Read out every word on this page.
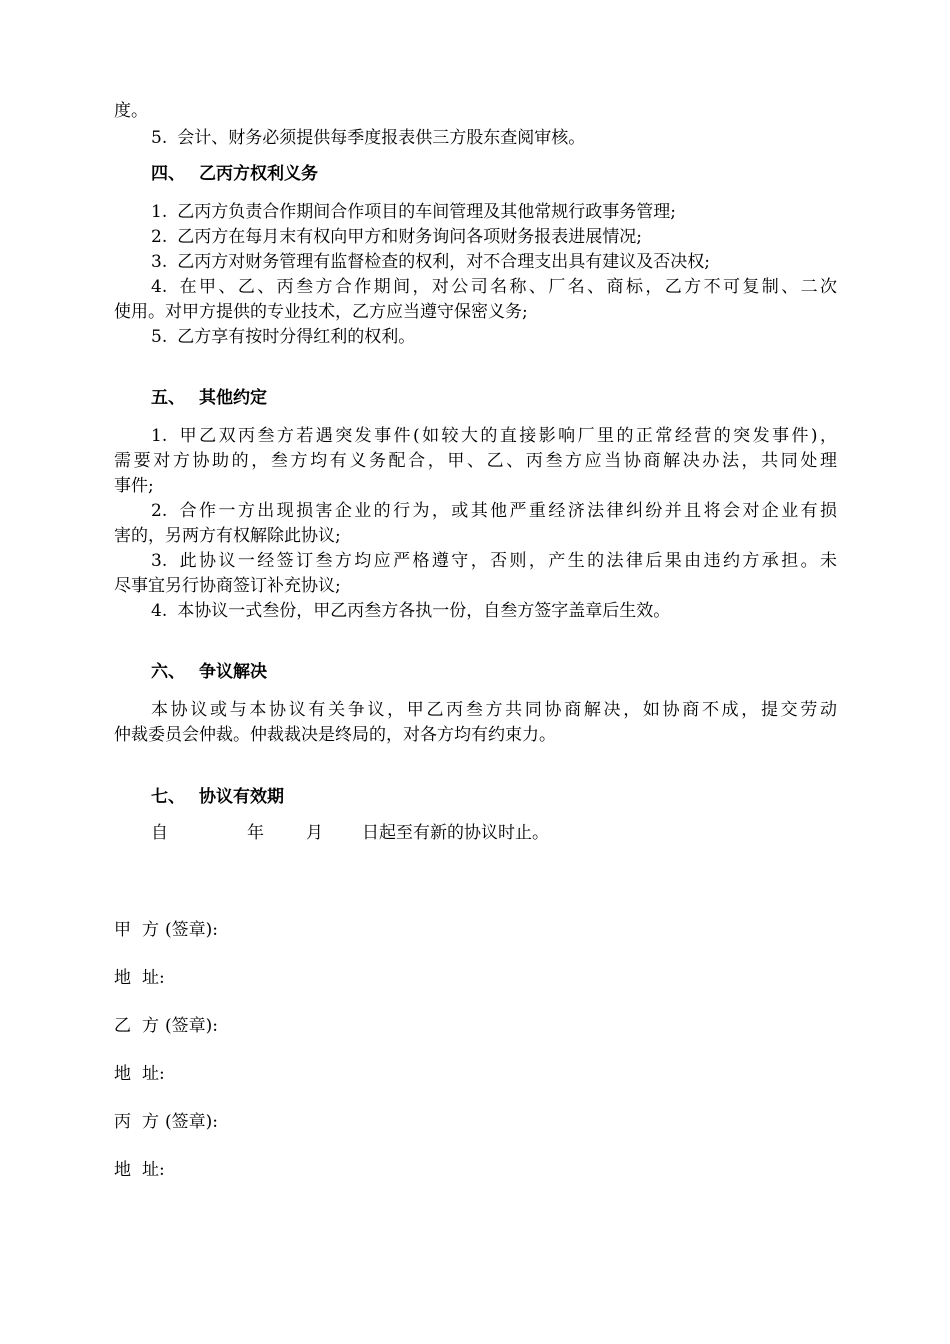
度。
5. 会计、财务必须提供每季度报表供三方股东查阅审核。
四、 乙丙方权利义务
1. 乙丙方负责合作期间合作项目的车间管理及其他常规行政事务管理;
2. 乙丙方在每月末有权向甲方和财务询问各项财务报表进展情况;
3. 乙丙方对财务管理有监督检查的权利，对不合理支出具有建议及否决权;
4. 在甲、乙、丙叁方合作期间，对公司名称、厂名、商标，乙方不可复制、二次
使用。对甲方提供的专业技术，乙方应当遵守保密义务;
5. 乙方享有按时分得红利的权利。
五、 其他约定
1. 甲乙双丙叁方若遇突发事件(如较大的直接影响厂里的正常经营的突发事件)，
需要对方协助的，叁方均有义务配合，甲、乙、丙叁方应当协商解决办法，共同处理
事件;
2. 合作一方出现损害企业的行为，或其他严重经济法律纠纷并且将会对企业有损
害的，另两方有权解除此协议;
3. 此协议一经签订叁方均应严格遵守，否则，产生的法律后果由违约方承担。未
尽事宜另行协商签订补充协议;
4. 本协议一式叁份，甲乙丙叁方各执一份，自叁方签字盖章后生效。
六、 争议解决
本协议或与本协议有关争议，甲乙丙叁方共同协商解决，如协商不成，提交劳动
仲裁委员会仲裁。仲裁裁决是终局的，对各方均有约束力。
七、 协议有效期
自	年 月 日起至有新的协议时止。
甲 方 (签章):
地 址:
乙 方 (签章):
地 址:
丙 方 (签章):
地 址:
